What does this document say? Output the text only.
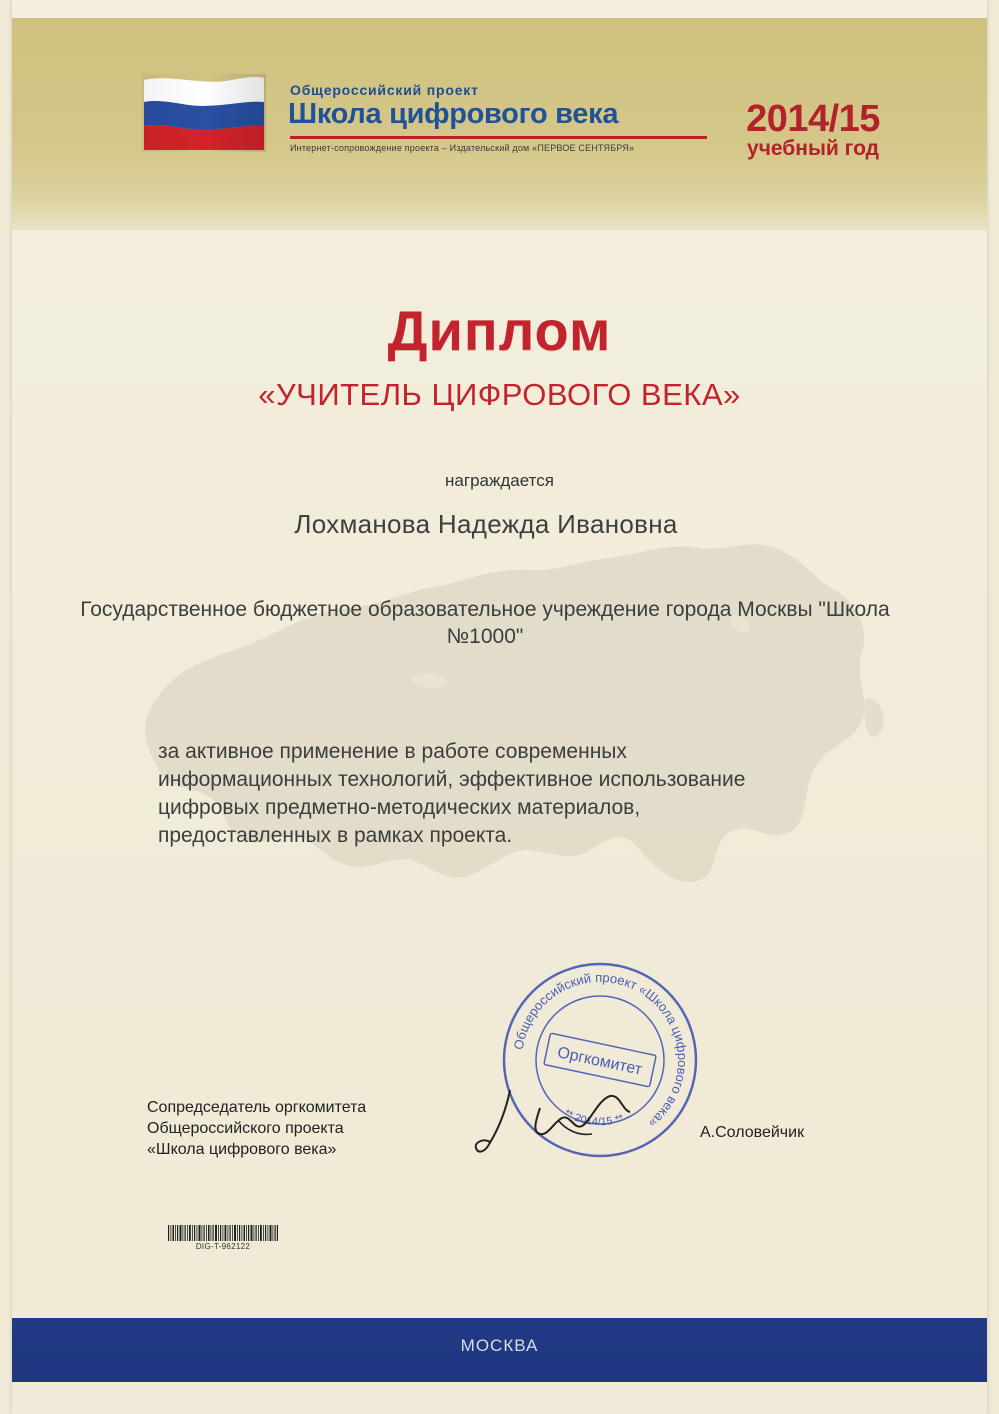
Общероссийский проект
Школа цифрового века
Интернет-сопровождение проекта – Издательский дом «ПЕРВОЕ СЕНТЯБРЯ»
2014/15
учебный год
Диплом
«УЧИТЕЛЬ ЦИФРОВОГО ВЕКА»
награждается
Лохманова Надежда Ивановна
Государственное бюджетное образовательное учреждение города Москвы "Школа №1000"
за активное применение в работе современных информационных технологий, эффективное использование цифровых предметно-методических материалов, предоставленных в рамках проекта.
Сопредседатель оргкомитета
Общероссийского проекта
«Школа цифрового века»
Общероссийский проект «Школа цифрового века»
Оргкомитет
** 2014/15 **
А.Соловейчик
DIG-T-962122
МОСКВА
